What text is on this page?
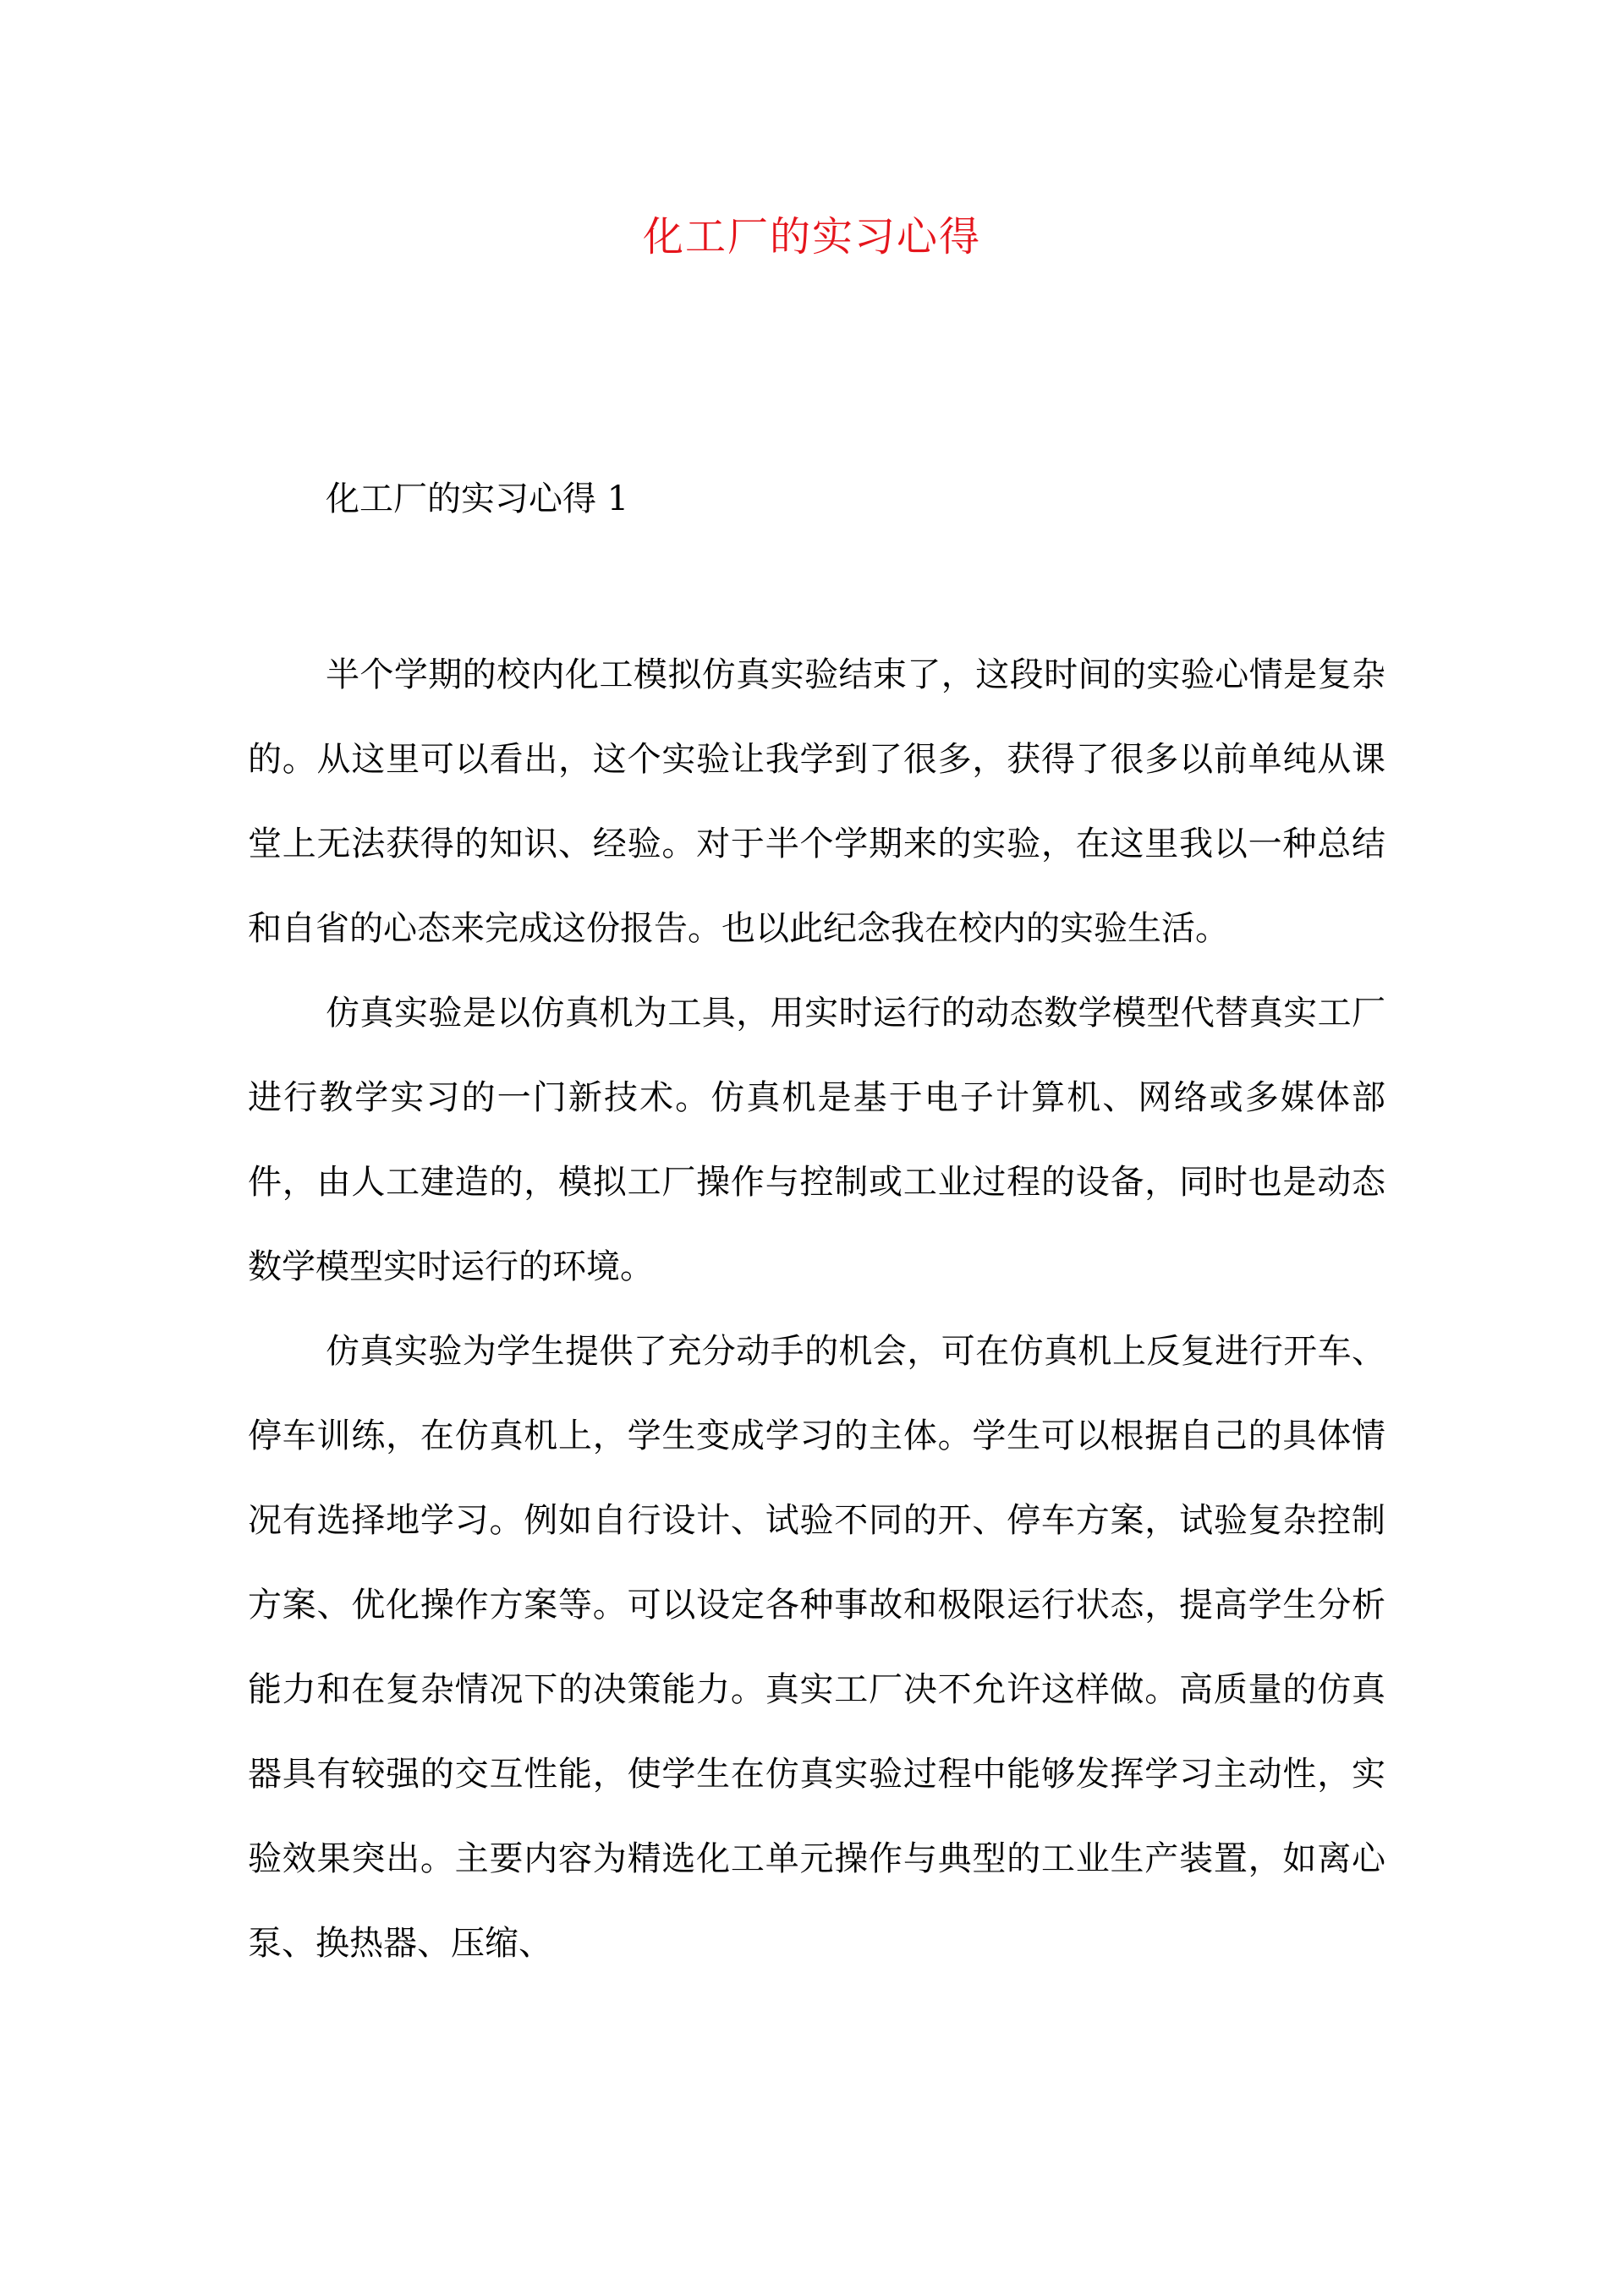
化工厂的实习心得
化工厂的实习心得 1

半个学期的校内化工模拟仿真实验结束了，这段时间的实验心情是复杂的。从这里可以看出，这个实验让我学到了很多，获得了很多以前单纯从课堂上无法获得的知识、经验。对于半个学期来的实验，在这里我以一种总结和自省的心态来完成这份报告。也以此纪念我在校内的实验生活。

仿真实验是以仿真机为工具，用实时运行的动态数学模型代替真实工厂进行教学实习的一门新技术。仿真机是基于电子计算机、网络或多媒体部件，由人工建造的，模拟工厂操作与控制或工业过程的设备，同时也是动态数学模型实时运行的环境。

仿真实验为学生提供了充分动手的机会，可在仿真机上反复进行开车、停车训练，在仿真机上，学生变成学习的主体。学生可以根据自己的具体情况有选择地学习。例如自行设计、试验不同的开、停车方案，试验复杂控制方案、优化操作方案等。可以设定各种事故和极限运行状态，提高学生分析能力和在复杂情况下的决策能力。真实工厂决不允许这样做。高质量的仿真器具有较强的交互性能，使学生在仿真实验过程中能够发挥学习主动性，实验效果突出。主要内容为精选化工单元操作与典型的工业生产装置，如离心泵、换热器、压缩、
